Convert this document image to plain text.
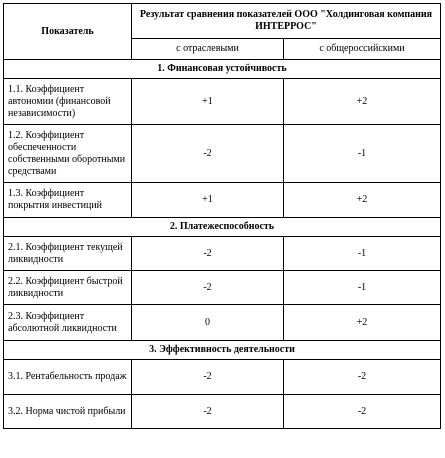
Показатель	Результат сравнения показателей ООО "Холдинговая компания ИНТЕРРОС"	
	с отраслевыми	с общероссийскими
1. Финансовая устойчивость		
1.1. Коэффициент автономии (финансовой независимости)	+1	+2
1.2. Коэффициент обеспеченности собственными оборотными средствами	-2	-1
1.3. Коэффициент покрытия инвестиций	+1	+2
2. Платежеспособность		
2.1. Коэффициент текущей ликвидности	-2	-1
2.2. Коэффициент быстрой ликвидности	-2	-1
2.3. Коэффициент абсолютной ликвидности	0	+2
3. Эффективность деятельности		
3.1. Рентабельность продаж	-2	-2
3.2. Норма чистой прибыли	-2	-2
